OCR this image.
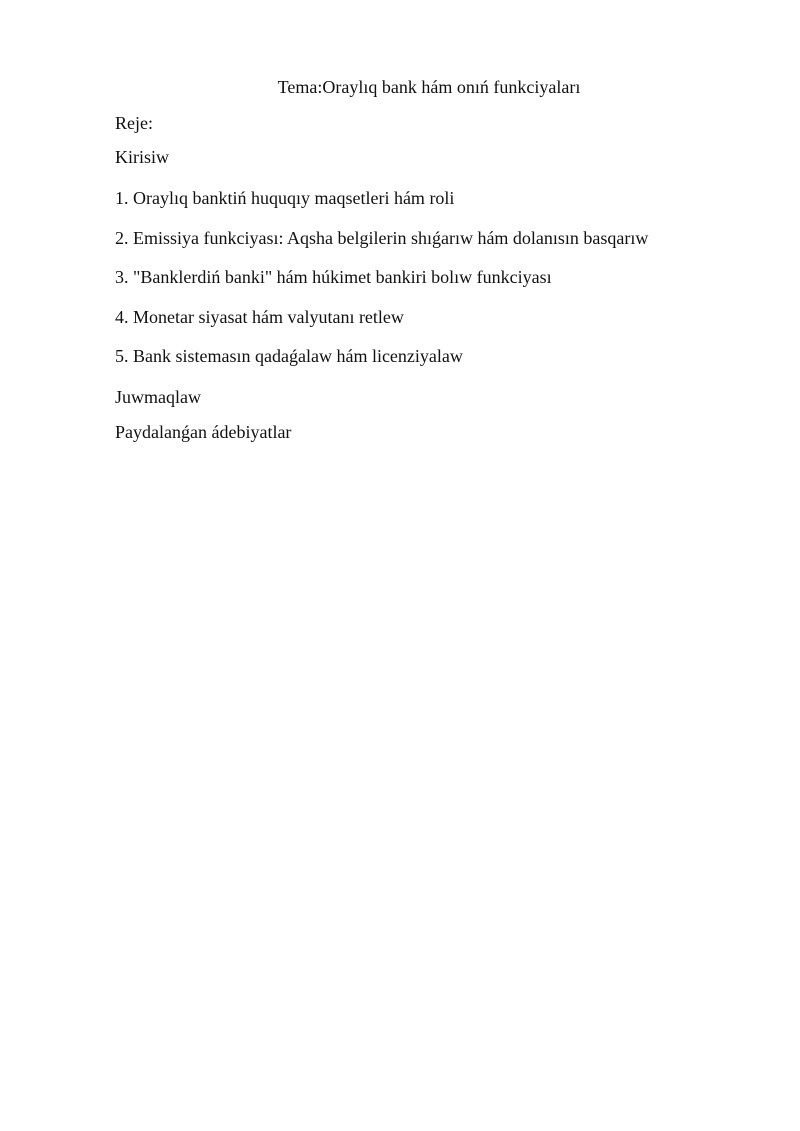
Tema:Oraylıq bank hám onıń funkciyaları
Reje:
Kirisiw
1. Oraylıq banktiń huquqıy maqsetleri hám roli
2. Emissiya funkciyası: Aqsha belgilerin shıǵarıw hám dolanısın basqarıw
3. "Banklerdiń banki" hám húkimet bankiri bolıw funkciyası
4. Monetar siyasat hám valyutanı retlew
5. Bank sistemasın qadaǵalaw hám licenziyalaw
Juwmaqlaw
Paydalanǵan ádebiyatlar
